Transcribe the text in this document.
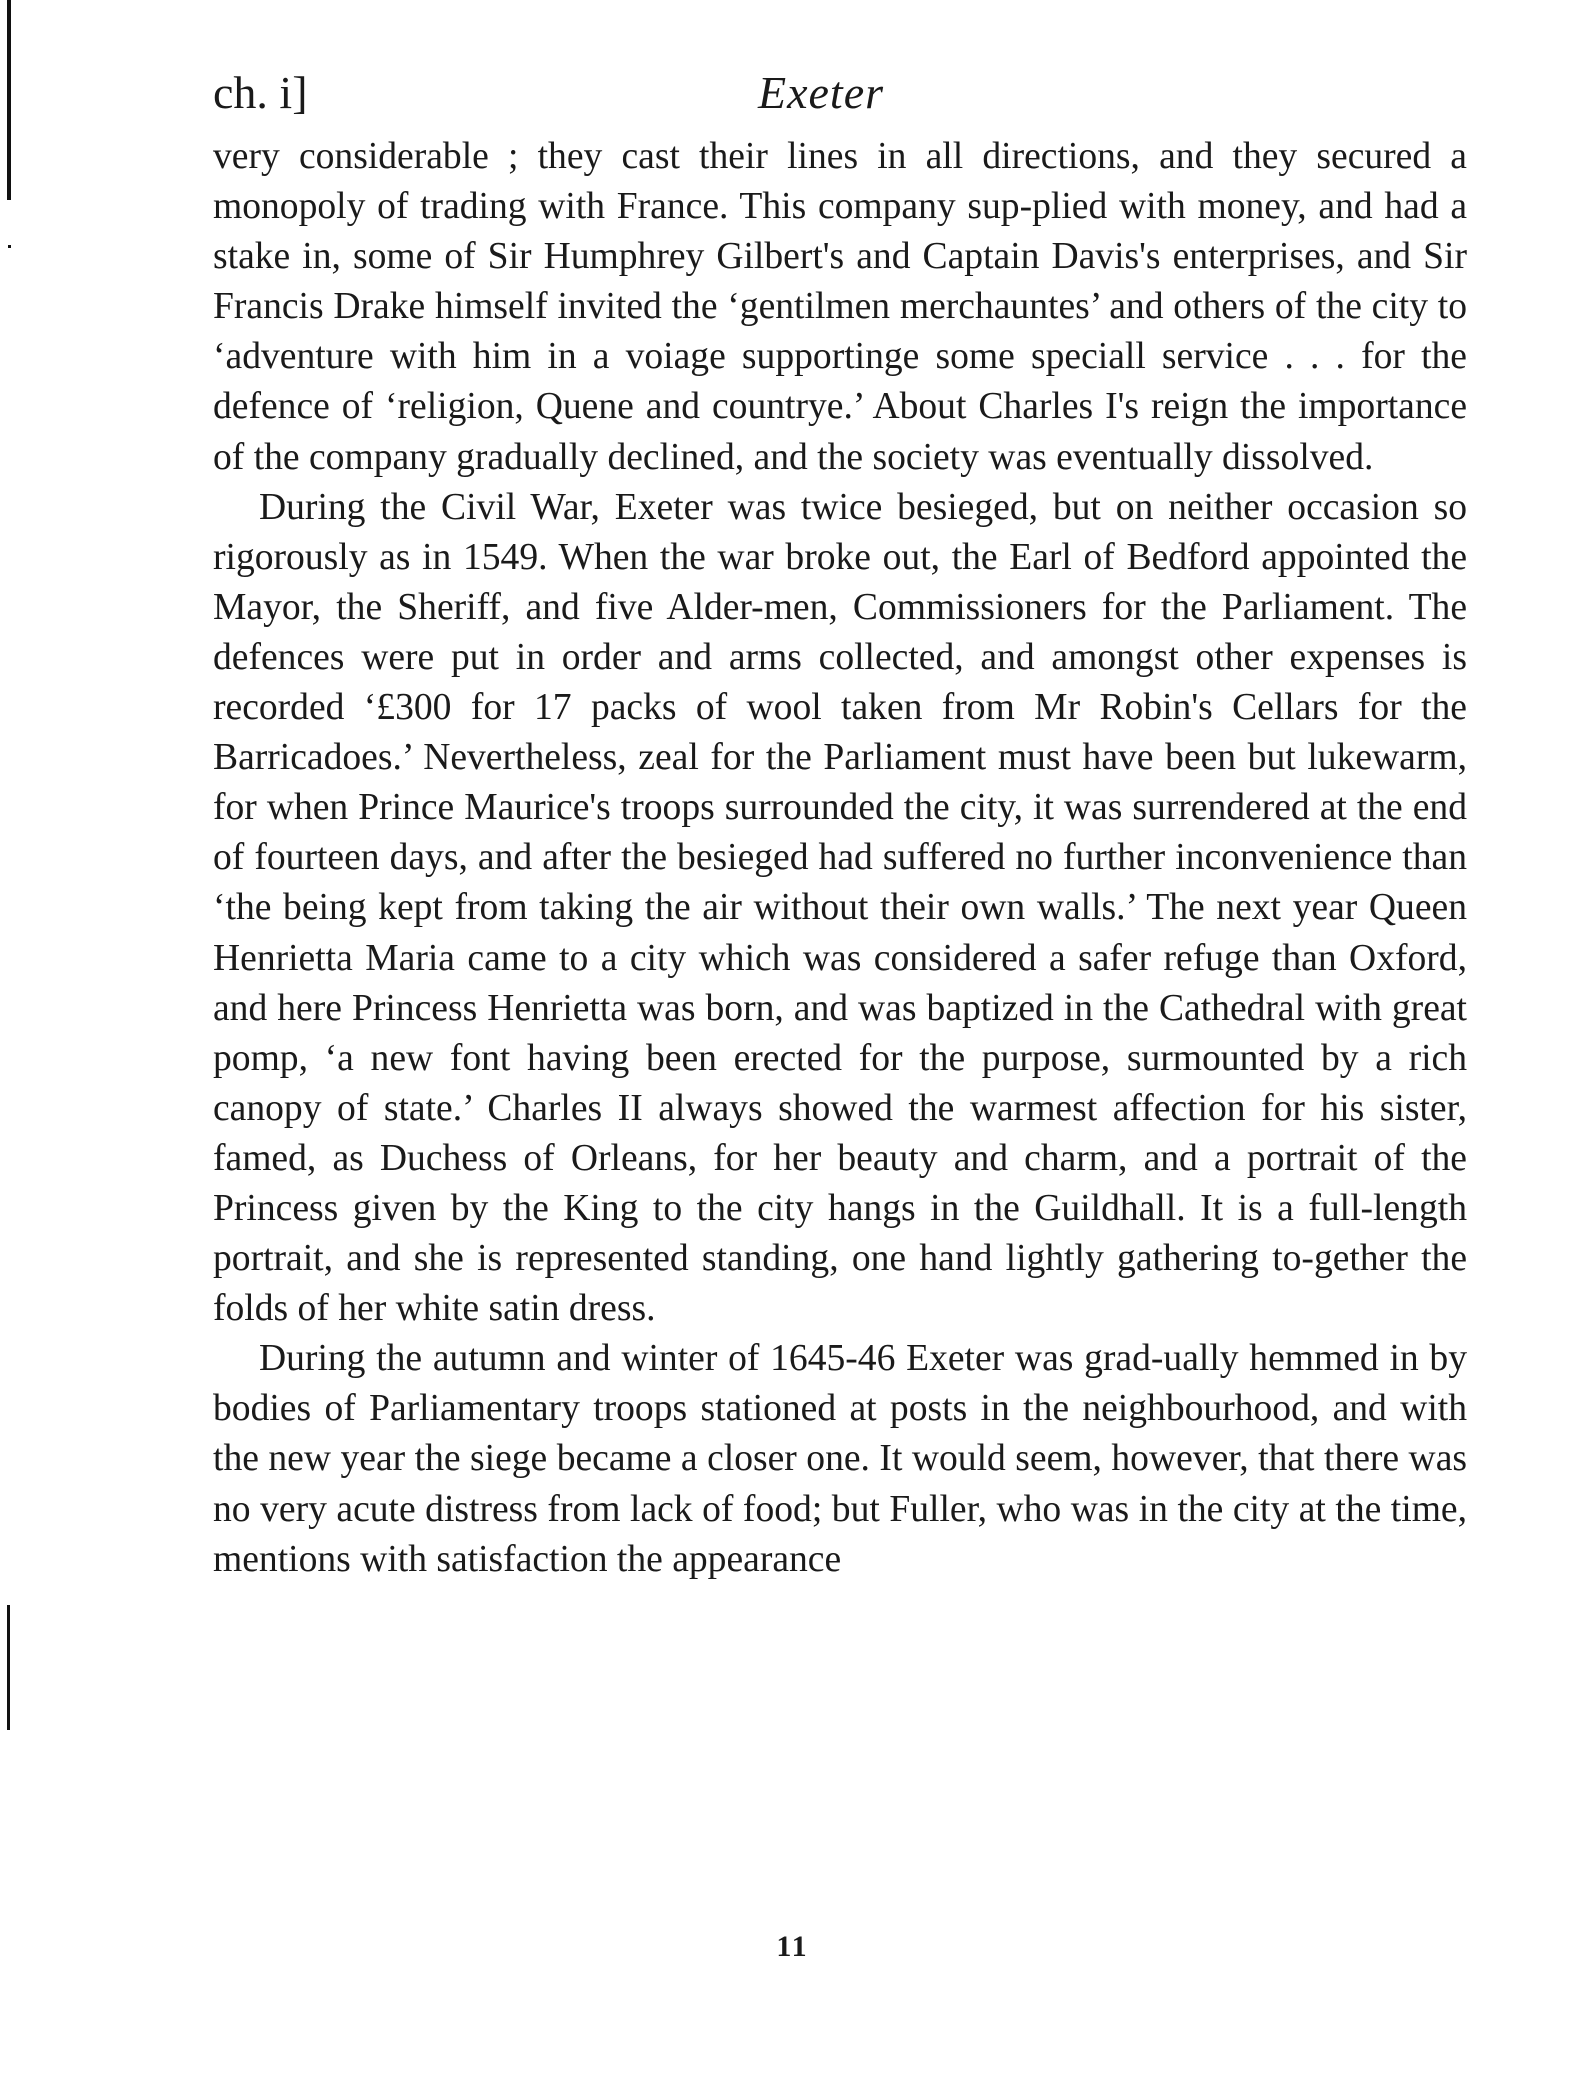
ch. i]	Exeter

very considerable ; they cast their lines in all directions, and they secured a monopoly of trading with France. This company sup-plied with money, and had a stake in, some of Sir Humphrey Gilbert's and Captain Davis's enterprises, and Sir Francis Drake himself invited the ‘gentilmen merchauntes’ and others of the city to ‘adventure with him in a voiage supportinge some speciall service . . . for the defence of ‘religion, Quene and countrye.’ About Charles I's reign the importance of the company gradually declined, and the society was eventually dissolved.

During the Civil War, Exeter was twice besieged, but on neither occasion so rigorously as in 1549. When the war broke out, the Earl of Bedford appointed the Mayor, the Sheriff, and five Alder-men, Commissioners for the Parliament. The defences were put in order and arms collected, and amongst other expenses is recorded ‘£300 for 17 packs of wool taken from Mr Robin's Cellars for the Barricadoes.’ Nevertheless, zeal for the Parliament must have been but lukewarm, for when Prince Maurice's troops surrounded the city, it was surrendered at the end of fourteen days, and after the besieged had suffered no further inconvenience than ‘the being kept from taking the air without their own walls.’ The next year Queen Henrietta Maria came to a city which was considered a safer refuge than Oxford, and here Princess Henrietta was born, and was baptized in the Cathedral with great pomp, ‘a new font having been erected for the purpose, surmounted by a rich canopy of state.’ Charles II always showed the warmest affection for his sister, famed, as Duchess of Orleans, for her beauty and charm, and a portrait of the Princess given by the King to the city hangs in the Guildhall. It is a full-length portrait, and she is represented standing, one hand lightly gathering to-gether the folds of her white satin dress.

During the autumn and winter of 1645-46 Exeter was grad-ually hemmed in by bodies of Parliamentary troops stationed at posts in the neighbourhood, and with the new year the siege became a closer one. It would seem, however, that there was no very acute distress from lack of food; but Fuller, who was in the city at the time, mentions with satisfaction the appearance

11
